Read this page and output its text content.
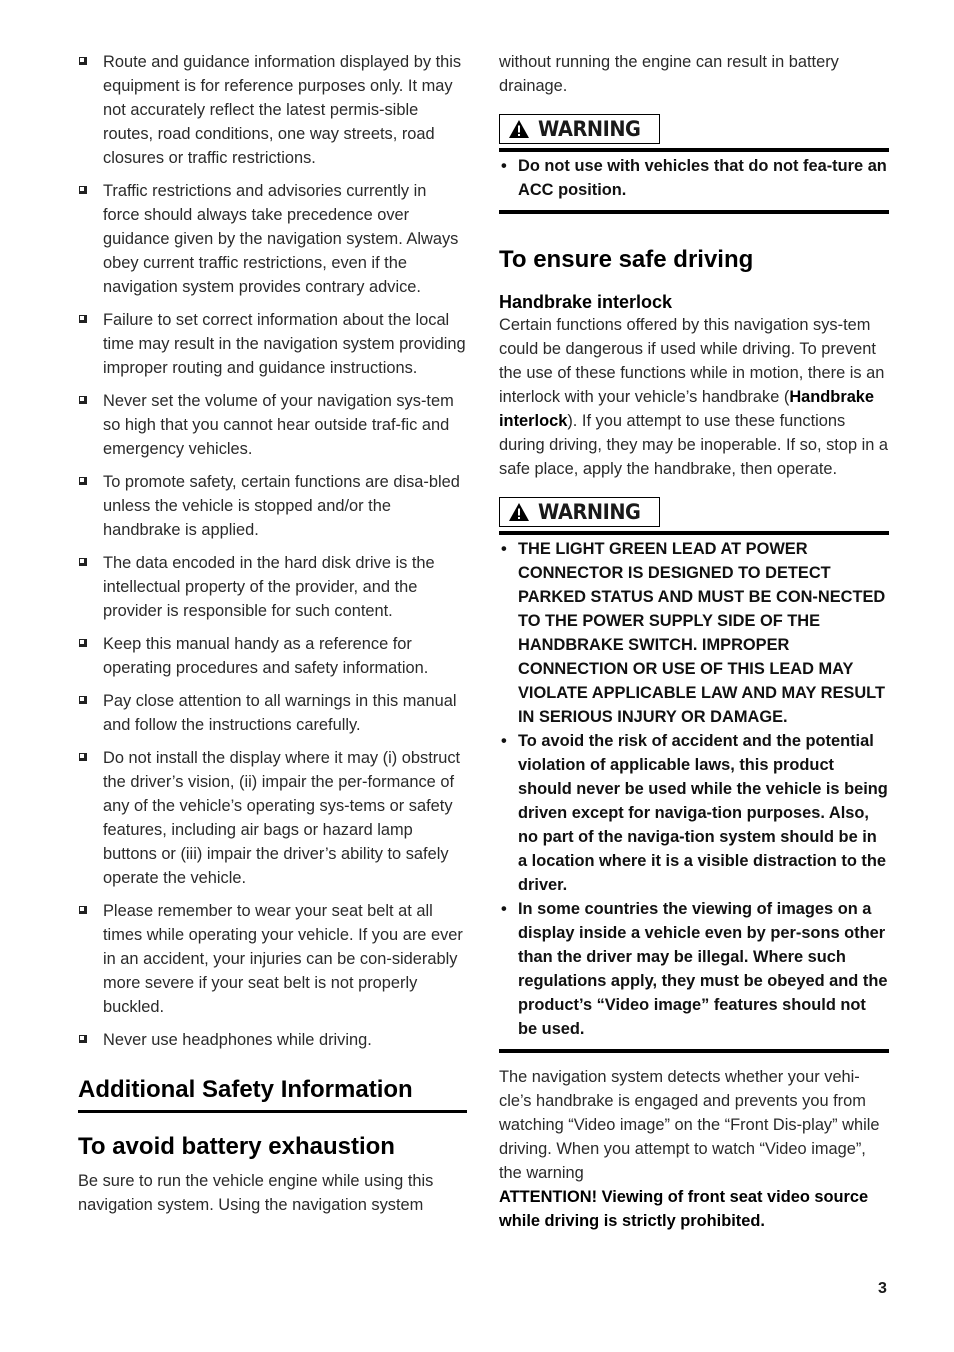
Route and guidance information displayed by this equipment is for reference purposes only. It may not accurately reflect the latest permis-sible routes, road conditions, one way streets, road closures or traffic restrictions.
Traffic restrictions and advisories currently in force should always take precedence over guidance given by the navigation system. Always obey current traffic restrictions, even if the navigation system provides contrary advice.
Failure to set correct information about the local time may result in the navigation system providing improper routing and guidance instructions.
Never set the volume of your navigation sys-tem so high that you cannot hear outside traf-fic and emergency vehicles.
To promote safety, certain functions are disa-bled unless the vehicle is stopped and/or the handbrake is applied.
The data encoded in the hard disk drive is the intellectual property of the provider, and the provider is responsible for such content.
Keep this manual handy as a reference for operating procedures and safety information.
Pay close attention to all warnings in this manual and follow the instructions carefully.
Do not install the display where it may (i) obstruct the driver’s vision, (ii) impair the per-formance of any of the vehicle’s operating sys-tems or safety features, including air bags or hazard lamp buttons or (iii) impair the driver’s ability to safely operate the vehicle.
Please remember to wear your seat belt at all times while operating your vehicle. If you are ever in an accident, your injuries can be con-siderably more severe if your seat belt is not properly buckled.
Never use headphones while driving.
Additional Safety Information
To avoid battery exhaustion

Be sure to run the vehicle engine while using this navigation system. Using the navigation system

without running the engine can result in battery drainage.

WARNING
• Do not use with vehicles that do not fea-ture an ACC position.
To ensure safe driving
Handbrake interlock

Certain functions offered by this navigation sys-tem could be dangerous if used while driving. To prevent the use of these functions while in motion, there is an interlock with your vehicle’s handbrake (Handbrake interlock). If you attempt to use these functions during driving, they may be inoperable. If so, stop in a safe place, apply the handbrake, then operate.

WARNING
• THE LIGHT GREEN LEAD AT POWER CONNECTOR IS DESIGNED TO DETECT PARKED STATUS AND MUST BE CON-NECTED TO THE POWER SUPPLY SIDE OF THE HANDBRAKE SWITCH. IMPROPER CONNECTION OR USE OF THIS LEAD MAY VIOLATE APPLICABLE LAW AND MAY RESULT IN SERIOUS INJURY OR DAMAGE.
• To avoid the risk of accident and the potential violation of applicable laws, this product should never be used while the vehicle is being driven except for naviga-tion purposes. Also, no part of the naviga-tion system should be in a location where it is a visible distraction to the driver.
• In some countries the viewing of images on a display inside a vehicle even by per-sons other than the driver may be illegal. Where such regulations apply, they must be obeyed and the product’s “Video image” features should not be used.

The navigation system detects whether your vehi-cle’s handbrake is engaged and prevents you from watching “Video image” on the “Front Dis-play” while driving. When you attempt to watch “Video image”, the warning

ATTENTION! Viewing of front seat video source while driving is strictly prohibited.

3
